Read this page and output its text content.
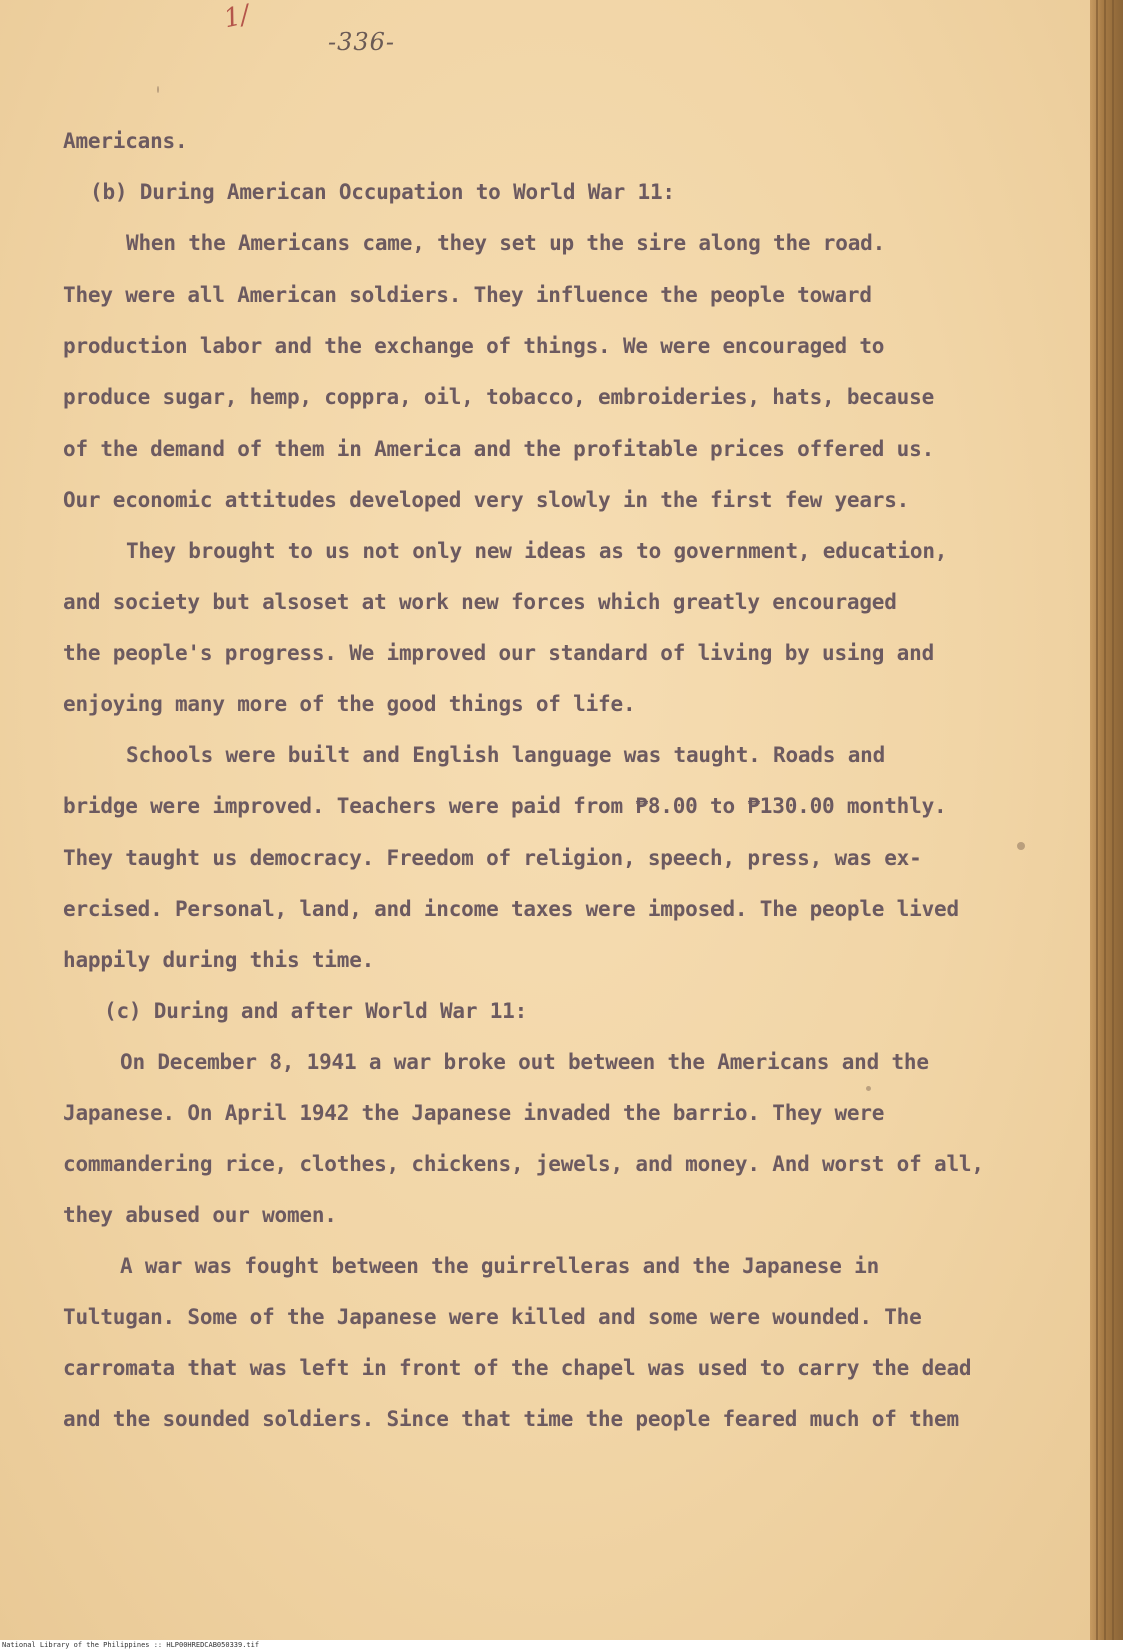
1/
-336-
Americans.
(b) During American Occupation to World War 11:
When the Americans came, they set up the sire along the road.
They were all American soldiers. They influence the people toward
production labor and the exchange of things. We were encouraged to
produce sugar, hemp, coppra, oil, tobacco, embroideries, hats, because
of the demand of them in America and the profitable prices offered us.
Our economic attitudes developed very slowly in the first few years.
They brought to us not only new ideas as to government, education,
and society but alsoset at work new forces which greatly encouraged
the people's progress. We improved our standard of living by using and
enjoying many more of the good things of life.
Schools were built and English language was taught. Roads and
bridge were improved. Teachers were paid from ₱8.00 to ₱130.00 monthly.
They taught us democracy. Freedom of religion, speech, press, was ex-
ercised. Personal, land, and income taxes were imposed. The people lived
happily during this time.
(c) During and after World War 11:
On December 8, 1941 a war broke out between the Americans and the
Japanese. On April 1942 the Japanese invaded the barrio. They were
commandering rice, clothes, chickens, jewels, and money. And worst of all,
they abused our women.
A war was fought between the guirrelleras and the Japanese in
Tultugan. Some of the Japanese were killed and some were wounded. The
carromata that was left in front of the chapel was used to carry the dead
and the sounded soldiers. Since that time the people feared much of them
National Library of the Philippines :: HLP00HREDCAB050339.tif
